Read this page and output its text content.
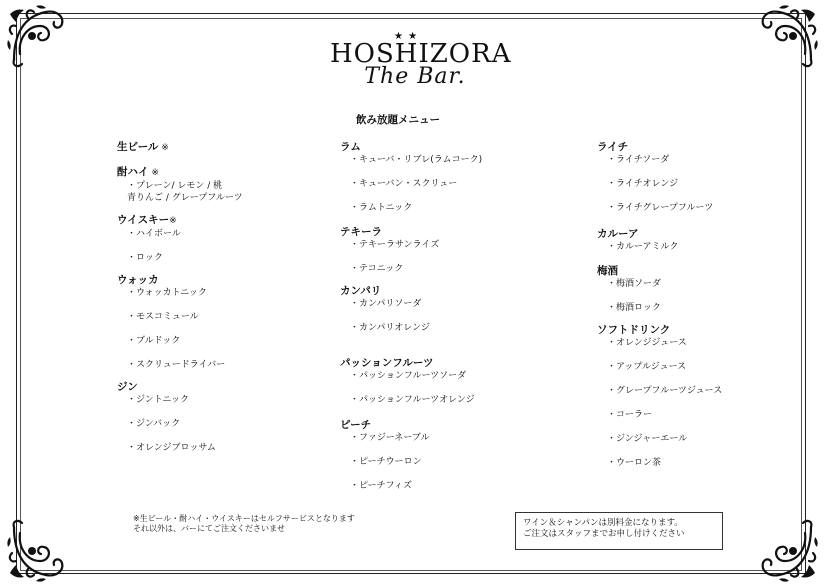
★ ★
HOSHIZORA
The Bar.
飲み放題メニュー
生ビール ※
酎ハイ ※
・プレーン/ レモン / 桃
青りんご / グレープフルーツ
ウイスキー※
・ハイボール
・ロック
ウォッカ
・ウォッカトニック
・モスコミュール
・ブルドック
・スクリュードライバー
ジン
・ジントニック
・ジンバック
・オレンジブロッサム
ラム
・キューバ・リブレ(ラムコーク)
・キューバン・スクリュー
・ラムトニック
テキーラ
・テキーラサンライズ
・テコニック
カンパリ
・カンパリソーダ
・カンパリオレンジ
パッションフルーツ
・パッションフルーツソーダ
・パッションフルーツオレンジ
ピーチ
・ファジーネーブル
・ピーチウーロン
・ピーチフィズ
ライチ
・ライチソーダ
・ライチオレンジ
・ライチグレープフルーツ
カルーア
・カルーアミルク
梅酒
・梅酒ソーダ
・梅酒ロック
ソフトドリンク
・オレンジジュース
・アップルジュース
・グレープフルーツジュース
・コーラー
・ジンジャーエール
・ウーロン茶
※生ビール・酎ハイ・ウイスキーはセルフサービスとなります
それ以外は、バーにてご注文くださいませ
ワイン＆シャンパンは別料金になります。
ご注文はスタッフまでお申し付けください
